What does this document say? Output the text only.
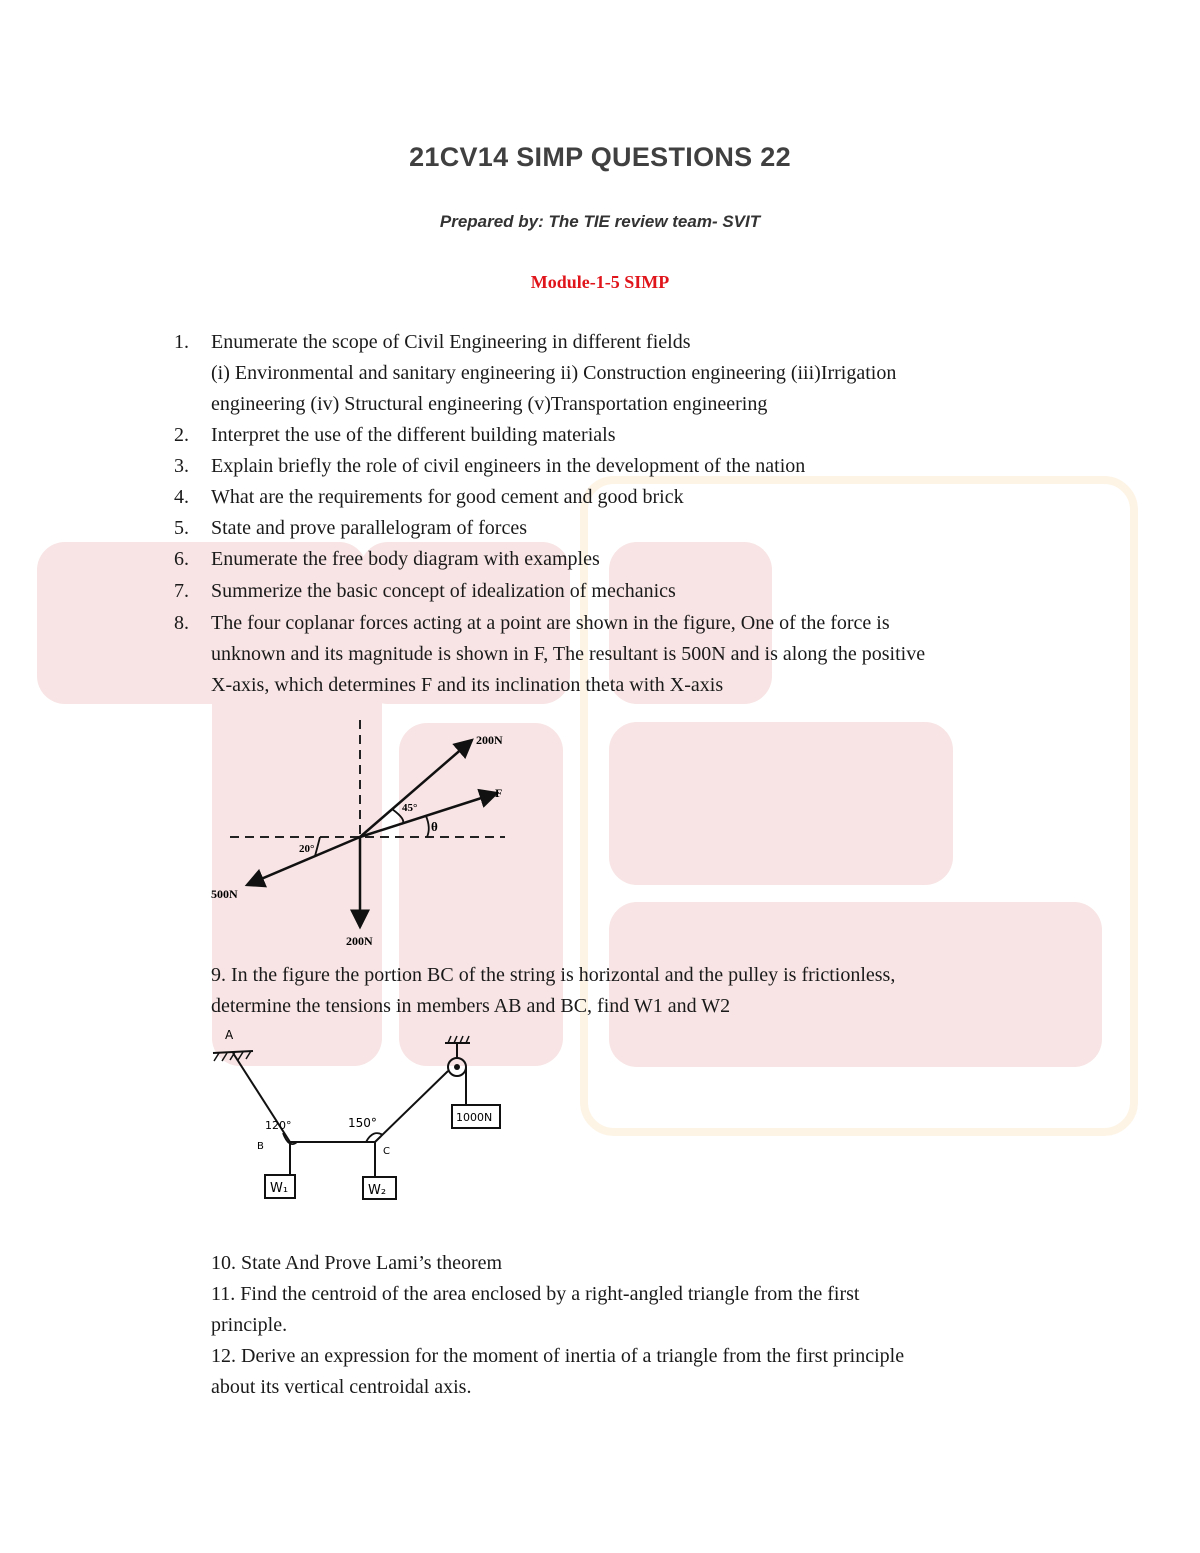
21CV14 SIMP QUESTIONS 22
Prepared by: The TIE review team- SVIT
Module-1-5 SIMP
1. Enumerate the scope of Civil Engineering in different fields
(i) Environmental and sanitary engineering ii) Construction engineering (iii)Irrigation
engineering (iv) Structural engineering (v)Transportation engineering
2. Interpret the use of the different building materials
3. Explain briefly the role of civil engineers in the development of the nation
4. What are the requirements for good cement and good brick
5. State and prove parallelogram of forces
6. Enumerate the free body diagram with examples
7. Summerize the basic concept of idealization of mechanics
8. The four coplanar forces acting at a point are shown in the figure, One of the force is
unknown and its magnitude is shown in F, The resultant is 500N and is along the positive
X-axis, which determines F and its inclination theta with X-axis
200N
F
45°
θ
20°
500N
200N
9. In the figure the portion BC of the string is horizontal and the pulley is frictionless,
determine the tensions in members AB and BC, find W1 and W2
A
120°	150°
B	C
1000N
W₁	W₂
10. State And Prove Lami’s theorem
11. Find the centroid of the area enclosed by a right-angled triangle from the first
principle.
12. Derive an expression for the moment of inertia of a triangle from the first principle
about its vertical centroidal axis.
